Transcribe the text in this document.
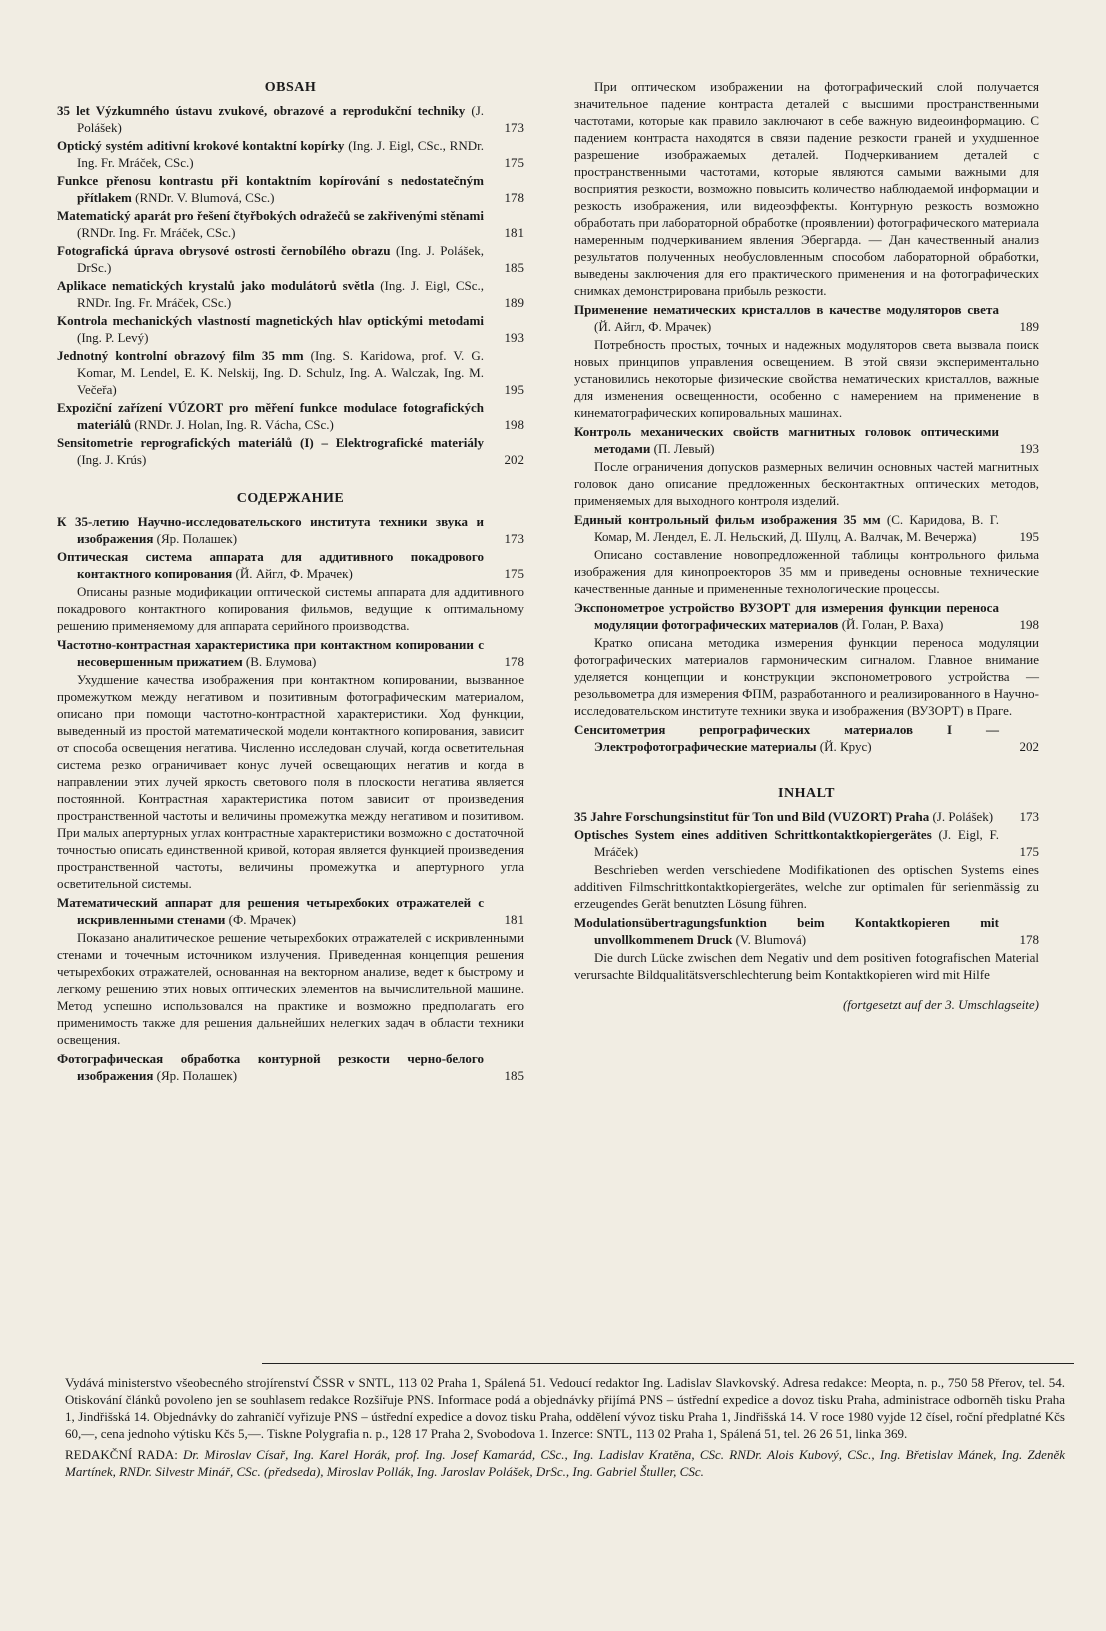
OBSAH
35 let Výzkumného ústavu zvukové, obrazové a reprodukční techniky (J. Polášek)	173
Optický systém aditivní krokové kontaktní kopírky (Ing. J. Eigl, CSc., RNDr. Ing. Fr. Mráček, CSc.)	175
Funkce přenosu kontrastu při kontaktním kopírování s nedostatečným přítlakem (RNDr. V. Blumová, CSc.)	178
Matematický aparát pro řešení čtyřbokých odražečů se zakřivenými stěnami (RNDr. Ing. Fr. Mráček, CSc.)	181
Fotografická úprava obrysové ostrosti černobílého obrazu (Ing. J. Polášek, DrSc.)	185
Aplikace nematických krystalů jako modulátorů světla (Ing. J. Eigl, CSc., RNDr. Ing. Fr. Mráček, CSc.)	189
Kontrola mechanických vlastností magnetických hlav optickými metodami (Ing. P. Levý)	193
Jednotný kontrolní obrazový film 35 mm (Ing. S. Karidowa, prof. V. G. Komar, M. Lendel, E. K. Nelskij, Ing. D. Schulz, Ing. A. Walczak, Ing. M. Večeřa)	195
Expoziční zařízení VÚZORT pro měření funkce modulace fotografických materiálů (RNDr. J. Holan, Ing. R. Vácha, CSc.)	198
Sensitometrie reprografických materiálů (I) – Elektrografické materiály (Ing. J. Krús)	202
СОДЕРЖАНИЕ
К 35-летию Научно-исследовательского института техники звука и изображения (Яр. Полашек)	173
Оптическая система аппарата для аддитивного покадрового контактного копирования (Й. Айгл, Ф. Мрачек)	175

Описаны разные модификации оптической системы аппарата для аддитивного покадрового контактного копирования фильмов, ведущие к оптимальному решению применяемому для аппарата серийного производства.

Частотно-контрастная характеристика при контактном копировании с несовершенным прижатием (В. Блумова)	178

Ухудшение качества изображения при контактном копировании, вызванное промежутком между негативом и позитивным фотографическим материалом, описано при помощи частотно-контрастной характеристики. Ход функции, выведенный из простой математической модели контактного копирования, зависит от способа освещения негатива. Численно исследован случай, когда осветительная система резко ограничивает конус лучей освещающих негатив и когда в направлении этих лучей яркость светового поля в плоскости негатива является постоянной. Контрастная характеристика потом зависит от произведения пространственной частоты и величины промежутка между негативом и позитивом. При малых апертурных углах контрастные характеристики возможно с достаточной точностью описать единственной кривой, которая является функцией произведения пространственной частоты, величины промежутка и апертурного угла осветительной системы.

Математический аппарат для решения четырехбоких отражателей с искривленными стенами (Ф. Мрачек)	181

Показано аналитическое решение четырехбоких отражателей с искривленными стенами и точечным источником излучения. Приведенная концепция решения четырехбоких отражателей, основанная на векторном анализе, ведет к быстрому и легкому решению этих новых оптических элементов на вычислительной машине. Метод успешно использовался на практике и возможно предполагать его применимость также для решения дальнейших нелегких задач в области техники освещения.

Фотографическая обработка контурной резкости черно-белого изображения (Яр. Полашек)	185

При оптическом изображении на фотографический слой получается значительное падение контраста деталей с высшими пространственными частотами, которые как правило заключают в себе важную видеоинформацию. С падением контраста находятся в связи падение резкости граней и ухудшенное разрешение изображаемых деталей. Подчеркиванием деталей с пространственными частотами, которые являются самыми важными для восприятия резкости, возможно повысить количество наблюдаемой информации и резкость изображения, или видеоэффекты. Контурную резкость возможно обработать при лабораторной обработке (проявлении) фотографического материала намеренным подчеркиванием явления Эбергарда. — Дан качественный анализ результатов полученных необусловленным способом лабораторной обработки, выведены заключения для его практического применения и на фотографических снимках демонстрирована прибыль резкости.

Применение нематических кристаллов в качестве модуляторов света (Й. Айгл, Ф. Мрачек)	189

Потребность простых, точных и надежных модуляторов света вызвала поиск новых принципов управления освещением. В этой связи экспериментально установились некоторые физические свойства нематических кристаллов, важные для изменения освещенности, особенно с намерением на применение в кинематографических копировальных машинах.

Контроль механических свойств магнитных головок оптическими методами (П. Левый)	193

После ограничения допусков размерных величин основных частей магнитных головок дано описание предложенных бесконтактных оптических методов, применяемых для выходного контроля изделий.

Единый контрольный фильм изображения 35 мм (С. Каридова, В. Г. Комар, М. Лендел, Е. Л. Нельский, Д. Шулц, А. Валчак, М. Вечержа)	195

Описано составление новопредложенной таблицы контрольного фильма изображения для кинопроекторов 35 мм и приведены основные технические качественные данные и примененные технологические процессы.

Экспонометрое устройство ВУЗОРТ для измерения функции переноса модуляции фотографических материалов (Й. Голан, Р. Ваха)	198

Кратко описана методика измерения функции переноса модуляции фотографических материалов гармоническим сигналом. Главное внимание уделяется концепции и конструкции экспонометрового устройства — резольвометра для измерения ФПМ, разработанного и реализированного в Научно-исследовательском институте техники звука и изображения (ВУЗОРТ) в Праге.

Сенситометрия репрографических материалов I — Электрофотографические материалы (Й. Крус)	202
INHALT
35 Jahre Forschungsinstitut für Ton und Bild (VUZORT) Praha (J. Polášek)	173
Optisches System eines additiven Schrittkontaktkopiergerätes (J. Eigl, F. Mráček)	175

Beschrieben werden verschiedene Modifikationen des optischen Systems eines additiven Filmschrittkontaktkopiergerätes, welche zur optimalen für serienmässig zu erzeugendes Gerät benutzten Lösung führen.

Modulationsübertragungsfunktion beim Kontaktkopieren mit unvollkommenem Druck (V. Blumová)	178

Die durch Lücke zwischen dem Negativ und dem positiven fotografischen Material verursachte Bildqualitätsverschlechterung beim Kontaktkopieren wird mit Hilfe

(fortgesetzt auf der 3. Umschlagseite)

Vydává ministerstvo všeobecného strojírenství ČSSR v SNTL, 113 02 Praha 1, Spálená 51. Vedoucí redaktor Ing. Ladislav Slavkovský. Adresa redakce: Meopta, n. p., 750 58 Přerov, tel. 54. Otiskování článků povoleno jen se souhlasem redakce Rozšiřuje PNS. Informace podá a objednávky přijímá PNS – ústřední expedice a dovoz tisku Praha, administrace odborněh tisku Praha 1, Jindřišská 14. Objednávky do zahraničí vyřizuje PNS – ústřední expedice a dovoz tisku Praha, oddělení vývoz tisku Praha 1, Jindřišská 14. V roce 1980 vyjde 12 čísel, roční předplatné Kčs 60,—, cena jednoho výtisku Kčs 5,—. Tiskne Polygrafia n. p., 128 17 Praha 2, Svobodova 1. Inzerce: SNTL, 113 02 Praha 1, Spálená 51, tel. 26 26 51, linka 369.

REDAKČNÍ RADA: Dr. Miroslav Císař, Ing. Karel Horák, prof. Ing. Josef Kamarád, CSc., Ing. Ladislav Kratěna, CSc. RNDr. Alois Kubový, CSc., Ing. Břetislav Mánek, Ing. Zdeněk Martínek, RNDr. Silvestr Minář, CSc. (předseda), Miroslav Pollák, Ing. Jaroslav Polášek, DrSc., Ing. Gabriel Štuller, CSc.
